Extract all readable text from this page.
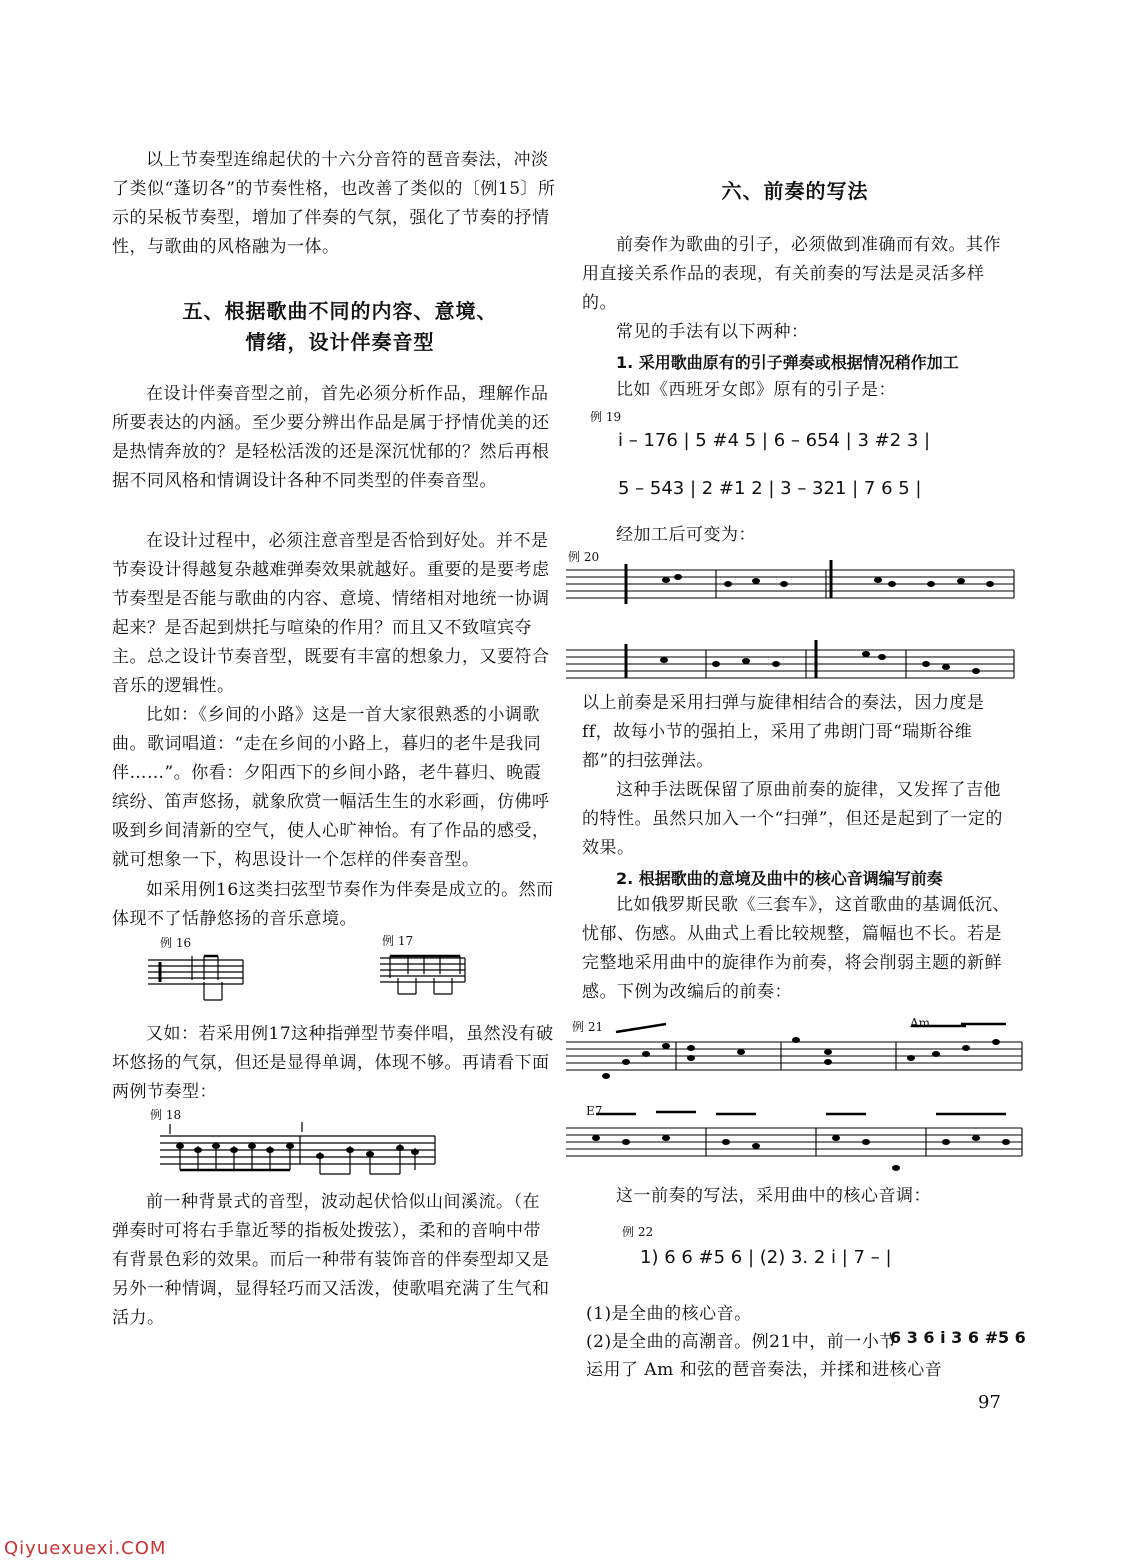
以上节奏型连绵起伏的十六分音符的琶音奏法，冲淡了类似“蓬切各”的节奏性格，也改善了类似的〔例15〕所示的呆板节奏型，增加了伴奏的气氛，强化了节奏的抒情性，与歌曲的风格融为一体。
五、根据歌曲不同的内容、意境、
情绪，设计伴奏音型
在设计伴奏音型之前，首先必须分析作品，理解作品所要表达的内涵。至少要分辨出作品是属于抒情优美的还是热情奔放的？是轻松活泼的还是深沉忧郁的？然后再根据不同风格和情调设计各种不同类型的伴奏音型。
在设计过程中，必须注意音型是否恰到好处。并不是节奏设计得越复杂越难弹奏效果就越好。重要的是要考虑节奏型是否能与歌曲的内容、意境、情绪相对地统一协调起来？是否起到烘托与喧染的作用？而且又不致喧宾夺主。总之设计节奏音型，既要有丰富的想象力，又要符合音乐的逻辑性。
比如：《乡间的小路》这是一首大家很熟悉的小调歌曲。歌词唱道：“走在乡间的小路上，暮归的老牛是我同伴……”。你看：夕阳西下的乡间小路，老牛暮归、晚霞缤纷、笛声悠扬，就象欣赏一幅活生生的水彩画，仿佛呼吸到乡间清新的空气，使人心旷神怡。有了作品的感受，就可想象一下，构思设计一个怎样的伴奏音型。
如采用例16这类扫弦型节奏作为伴奏是成立的。然而体现不了恬静悠扬的音乐意境。
例 16	例 17
又如：若采用例17这种指弹型节奏伴唱，虽然没有破坏悠扬的气氛，但还是显得单调，体现不够。再请看下面两例节奏型：
例 18
前一种背景式的音型，波动起伏恰似山间溪流。（在弹奏时可将右手靠近琴的指板处拨弦），柔和的音响中带有背景色彩的效果。而后一种带有装饰音的伴奏型却又是另外一种情调，显得轻巧而又活泼，使歌唱充满了生气和活力。
六、前奏的写法
前奏作为歌曲的引子，必须做到准确而有效。其作用直接关系作品的表现，有关前奏的写法是灵活多样的。
常见的手法有以下两种：
1. 采用歌曲原有的引子弹奏或根据情况稍作加工
比如《西班牙女郎》原有的引子是：
例 19
i – 176 | 5 #4 5 | 6 – 654 | 3 #2 3 |
5 – 543 | 2 #1 2 | 3 – 321 | 7 6 5 |
经加工后可变为：
例 20
以上前奏是采用扫弹与旋律相结合的奏法，因力度是ff，故每小节的强拍上，采用了弗朗门哥“瑞斯谷维都”的扫弦弹法。
这种手法既保留了原曲前奏的旋律，又发挥了吉他的特性。虽然只加入一个“扫弹”，但还是起到了一定的效果。
2. 根据歌曲的意境及曲中的核心音调编写前奏
比如俄罗斯民歌《三套车》，这首歌曲的基调低沉、忧郁、伤感。从曲式上看比较规整，篇幅也不长。若是完整地采用曲中的旋律作为前奏，将会削弱主题的新鲜感。下例为改编后的前奏：
例 21	Am
E7
这一前奏的写法，采用曲中的核心音调：
例 22
1) 6 6 #5 6 | (2) 3. 2 i | 7 – |
(1)是全曲的核心音。
(2)是全曲的高潮音。例21中，前一小节
6 3 6 i 3 6 #5 6
运用了 Am 和弦的琶音奏法，并揉和进核心音
97
Qiyuexuexi.COM
